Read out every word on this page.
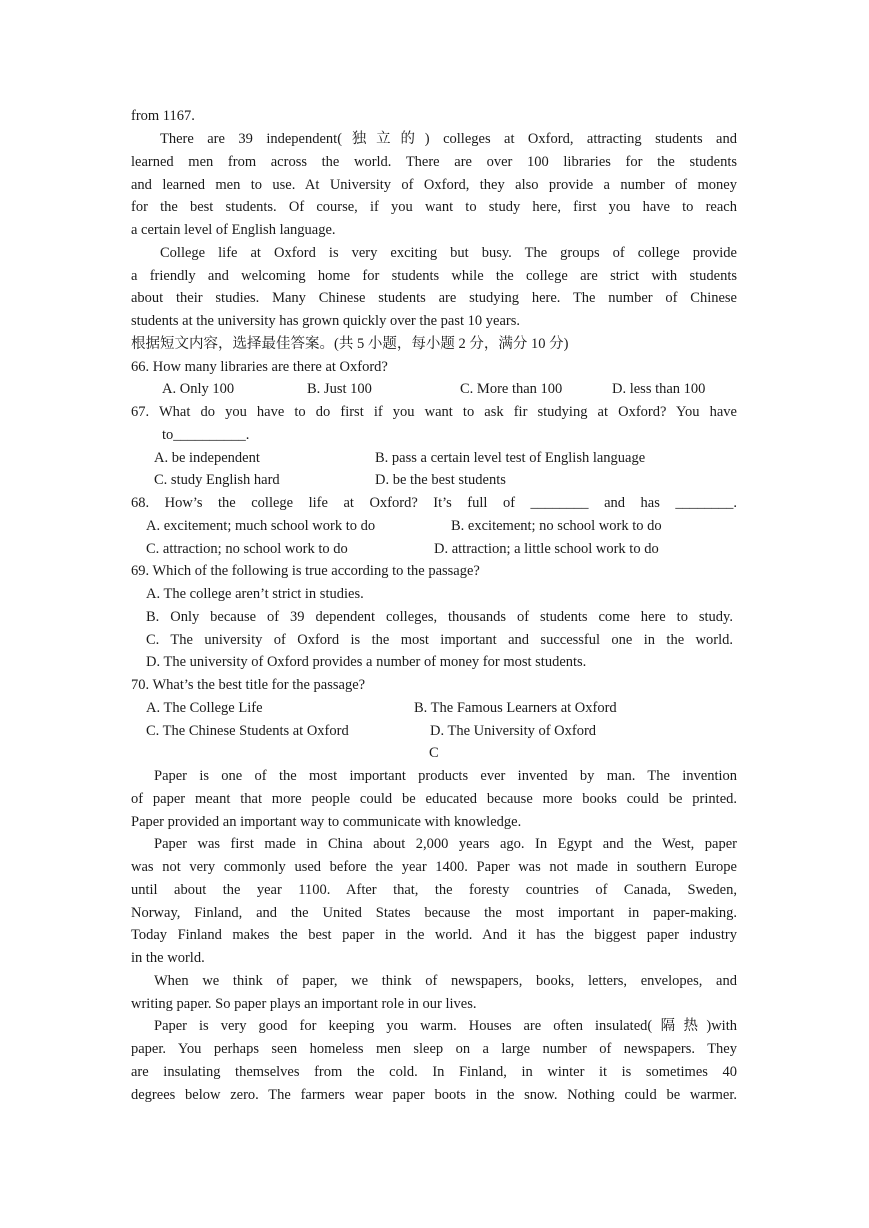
from 1167.
There are 39 independent(独立的) colleges at Oxford, attracting students and
learned men from across the world. There are over 100 libraries for the students
and learned men to use. At University of Oxford, they also provide a number of money
for the best students. Of course, if you want to study here, first you have to reach
a certain level of English language.
College life at Oxford is very exciting but busy. The groups of college provide
a friendly and welcoming home for students while the college are strict with students
about their studies. Many Chinese students are studying here. The number of Chinese
students at the university has grown quickly over the past 10 years.
根据短文内容，选择最佳答案。(共 5 小题，每小题 2 分，满分 10 分)
66. How many libraries are there at Oxford?
A. Only 100	B. Just 100	C. More than 100	D. less than 100
67. What do you have to do first if you want to ask fir studying at Oxford? You have
to__________.
A. be independent	B. pass a certain level test of English language
C. study English hard	D. be the best students
68. How’s the college life at Oxford? It’s full of ________ and has ________.
A. excitement; much school work to do	B. excitement; no school work to do
C. attraction; no school work to do	D. attraction; a little school work to do
69. Which of the following is true according to the passage?
A. The college aren’t strict in studies.
B. Only because of 39 dependent colleges, thousands of students come here to study.
C. The university of Oxford is the most important and successful one in the world.
D. The university of Oxford provides a number of money for most students.
70. What’s the best title for the passage?
A. The College Life	B. The Famous Learners at Oxford
C. The Chinese Students at Oxford	D. The University of Oxford
C
Paper is one of the most important products ever invented by man. The invention
of paper meant that more people could be educated because more books could be printed.
Paper provided an important way to communicate with knowledge.
Paper was first made in China about 2,000 years ago. In Egypt and the West, paper
was not very commonly used before the year 1400. Paper was not made in southern Europe
until about the year 1100. After that, the foresty countries of Canada, Sweden,
Norway, Finland, and the United States because the most important in paper-making.
Today Finland makes the best paper in the world. And it has the biggest paper industry
in the world.
When we think of paper, we think of newspapers, books, letters, envelopes, and
writing paper. So paper plays an important role in our lives.
Paper is very good for keeping you warm. Houses are often insulated(隔热)with
paper. You perhaps seen homeless men sleep on a large number of newspapers. They
are insulating themselves from the cold. In Finland, in winter it is sometimes 40
degrees below zero. The farmers wear paper boots in the snow. Nothing could be warmer.
